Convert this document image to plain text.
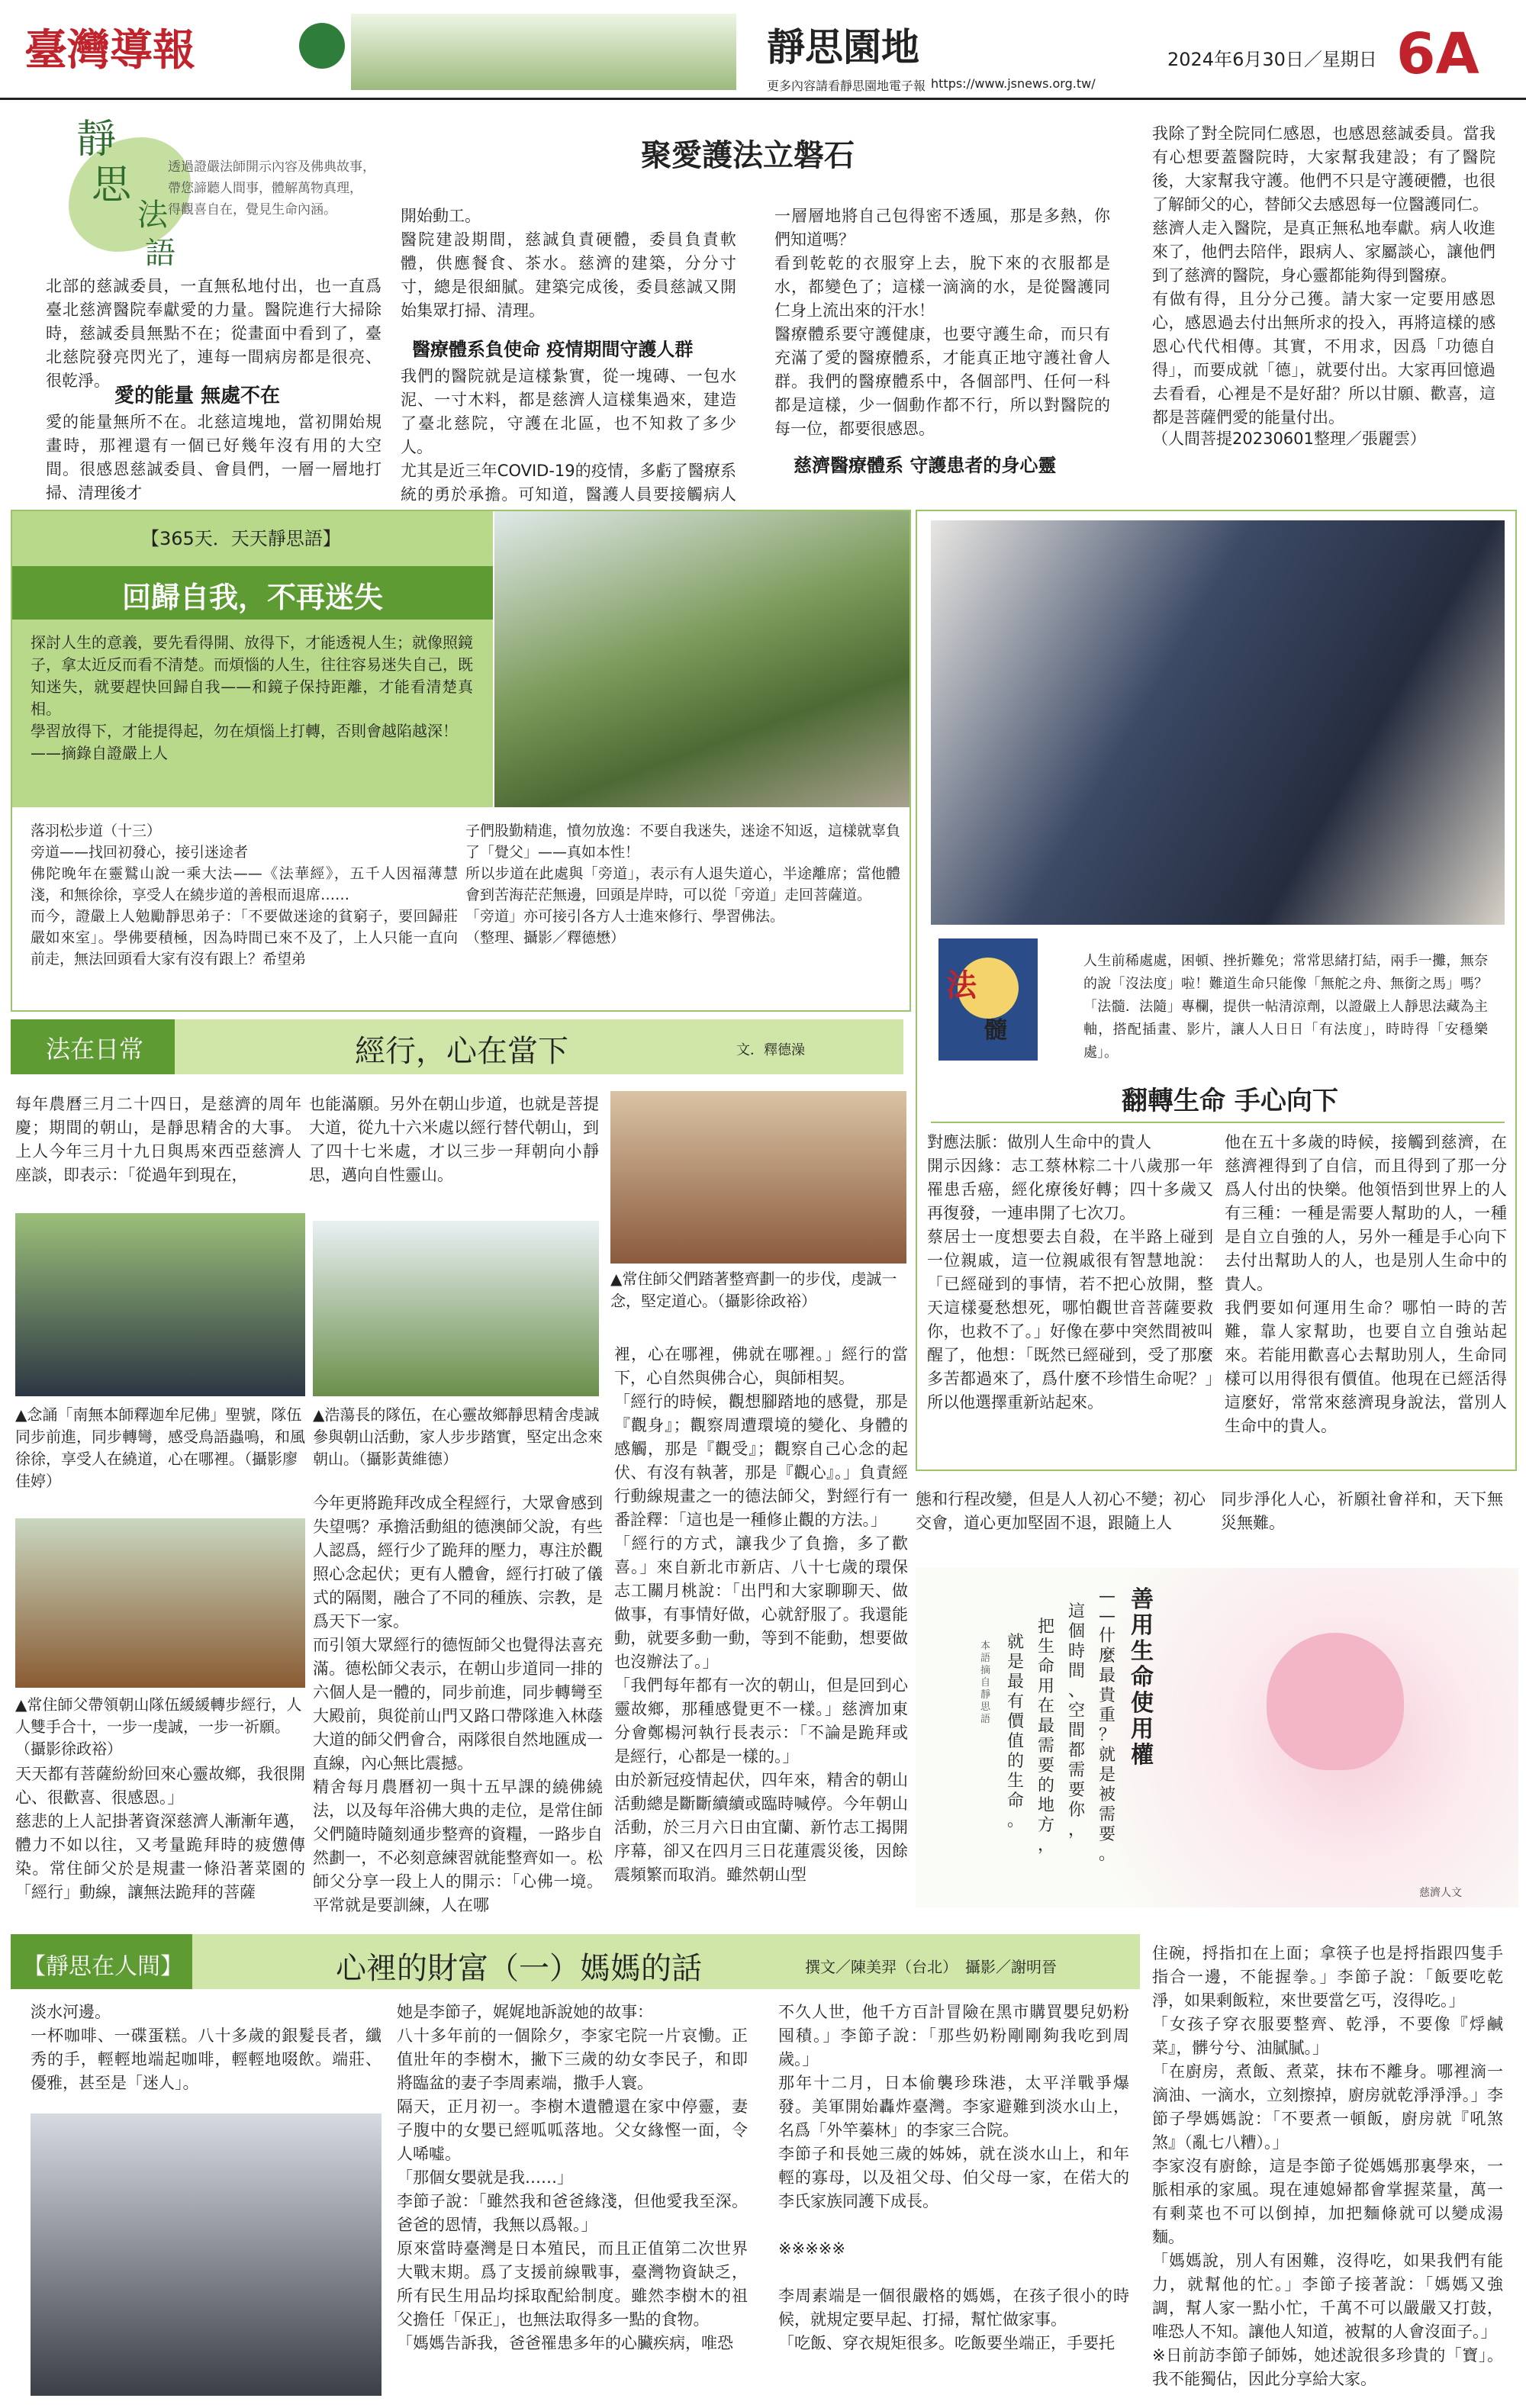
臺灣導報	靜思園地
更多內容請看靜思園地電子報 https://www.jsnews.org.tw/
2024年6月30日／星期日 6A
靜
思
法
語
透過證嚴法師開示內容及佛典故事，
帶您諦聽人間事，體解萬物真理，
得觀喜自在，覺見生命內涵。
聚愛護法立磐石
北部的慈誠委員，一直無私地付出，也一直爲臺北慈濟醫院奉獻愛的力量。醫院進行大掃除時，慈誠委員無點不在；從畫面中看到了，臺北慈院發亮閃光了，連每一間病房都是很亮、很乾淨。
愛的能量 無處不在
愛的能量無所不在。北慈這塊地，當初開始規畫時，那裡還有一個已好幾年沒有用的大空間。很感恩慈誠委員、會員們，一層一層地打掃、清理後才
開始動工。
醫院建設期間，慈誠負責硬體，委員負責軟體，供應餐食、茶水。慈濟的建築，分分寸寸，總是很細膩。建築完成後，委員慈誠又開始集眾打掃、清理。
醫療體系負使命 疫情期間守護人群
我們的醫院就是這樣紮實，從一塊磚、一包水泥、一寸木料，都是慈濟人這樣集過來，建造了臺北慈院，守護在北區，也不知救了多少人。
尤其是近三年COVID-19的疫情，多虧了醫療系統的勇於承擔。可知道，醫護人員要接觸病人
一層層地將自己包得密不透風，那是多熱，你們知道嗎？
看到乾乾的衣服穿上去，脫下來的衣服都是水，都變色了；這樣一滴滴的水，是從醫護同仁身上流出來的汗水！
醫療體系要守護健康，也要守護生命，而只有充滿了愛的醫療體系，才能真正地守護社會人群。我們的醫療體系中，各個部門、任何一科都是這樣，少一個動作都不行，所以對醫院的每一位，都要很感恩。
慈濟醫療體系 守護患者的身心靈
我除了對全院同仁感恩，也感恩慈誠委員。當我有心想要蓋醫院時，大家幫我建設；有了醫院後，大家幫我守護。他們不只是守護硬體，也很了解師父的心，替師父去感恩每一位醫護同仁。
慈濟人走入醫院，是真正無私地奉獻。病人收進來了，他們去陪伴，跟病人、家屬談心，讓他們到了慈濟的醫院，身心靈都能夠得到醫療。
有做有得，且分分己獲。請大家一定要用感恩心，感恩過去付出無所求的投入，再將這樣的感恩心代代相傳。其實，不用求，因爲「功德自得」，而要成就「德」，就要付出。大家再回憶過去看看，心裡是不是好甜？所以甘願、歡喜，這都是菩薩們愛的能量付出。
（人間菩提20230601整理／張麗雲）
【365天．天天靜思語】
回歸自我，不再迷失
探討人生的意義，要先看得開、放得下，才能透視人生；就像照鏡子，拿太近反而看不清楚。而煩惱的人生，往往容易迷失自己，既知迷失，就要趕快回歸自我——和鏡子保持距離，才能看清楚真相。
學習放得下，才能提得起，勿在煩惱上打轉，否則會越陷越深！
——摘錄自證嚴上人
落羽松步道（十三）
旁道——找回初發心，接引迷途者
佛陀晚年在靈鷲山說一乘大法——《法華經》，五千人因福薄慧淺，和無徐徐，享受人在繞步道的善根而退席……
而今，證嚴上人勉勵靜思弟子：「不要做迷途的貧窮子，要回歸莊嚴如來室」。學佛要積極，因為時間已來不及了，上人只能一直向前走，無法回頭看大家有沒有跟上？希望弟
子們股勤精進，憤勿放逸：不要自我迷失，迷途不知返，這樣就辜負了「覺父」——真如本性！
所以步道在此處與「旁道」，表示有人退失道心，半途離席；當他體會到苦海茫茫無邊，回頭是岸時，可以從「旁道」走回菩薩道。
「旁道」亦可接引各方人士進來修行、學習佛法。
（整理、攝影／釋德懋）
法在日常	經行，心在當下	文．釋德澡
每年農曆三月二十四日，是慈濟的周年慶；期間的朝山，是靜思精舍的大事。上人今年三月十九日與馬來西亞慈濟人座談，即表示：「從過年到現在，
也能滿願。另外在朝山步道，也就是菩提大道，從九十六米處以經行替代朝山，到了四十七米處，才以三步一拜朝向小靜思，邁向自性靈山。
▲常住師父們踏著整齊劃一的步伐，虔誠一念，堅定道心。（攝影徐政裕）
▲念誦「南無本師釋迦牟尼佛」聖號，隊伍同步前進，同步轉彎，感受鳥語蟲鳴，和風徐徐，享受人在繞道，心在哪裡。（攝影廖佳婷）
▲浩蕩長的隊伍，在心靈故鄉靜思精舍虔誠參與朝山活動，家人步步踏實，堅定出念來朝山。（攝影黃維德）
▲常住師父帶領朝山隊伍緩緩轉步經行，人人雙手合十，一步一虔誠，一步一祈願。（攝影徐政裕）
天天都有菩薩紛紛回來心靈故鄉，我很開心、很歡喜、很感恩。」
慈悲的上人記掛著資深慈濟人漸漸年邁，體力不如以往，又考量跪拜時的疲憊傳染。常住師父於是規畫一條沿著菜園的「經行」動線，讓無法跪拜的菩薩
今年更將跪拜改成全程經行，大眾會感到失望嗎？承擔活動組的德澳師父說，有些人認爲，經行少了跪拜的壓力，專注於觀照心念起伏；更有人體會，經行打破了儀式的隔閡，融合了不同的種族、宗教，是爲天下一家。
而引領大眾經行的德恆師父也覺得法喜充滿。德松師父表示，在朝山步道同一排的六個人是一體的，同步前進，同步轉彎至大殿前，與從前山門又路口帶隊進入林蔭大道的師父們會合，兩隊很自然地匯成一直線，內心無比震撼。
精舍每月農曆初一與十五早課的繞佛繞法，以及每年浴佛大典的走位，是常住師父們隨時隨刻通步整齊的資糧，一路步自然劃一，不必刻意練習就能整齊如一。松師父分享一段上人的開示：「心佛一境。平常就是要訓練，人在哪
裡，心在哪裡，佛就在哪裡。」經行的當下，心自然與佛合心，與師相契。
「經行的時候，觀想腳踏地的感覺，那是『觀身』；觀察周遭環境的變化、身體的感觸，那是『觀受』；觀察自己心念的起伏、有沒有執著，那是『觀心』。」負責經行動線規畫之一的德法師父，對經行有一番詮釋：「這也是一種修止觀的方法。」
「經行的方式，讓我少了負擔，多了歡喜。」來自新北市新店、八十七歲的環保志工關月桃說：「出門和大家聊聊天、做做事，有事情好做，心就舒服了。我還能動，就要多動一動，等到不能動，想要做也沒辦法了。」
「我們每年都有一次的朝山，但是回到心靈故鄉，那種感覺更不一樣。」慈濟加東分會鄭楊河執行長表示：「不論是跪拜或是經行，心都是一樣的。」
由於新冠疫情起伏，四年來，精舍的朝山活動總是斷斷續續或臨時喊停。今年朝山活動，於三月六日由宜蘭、新竹志工揭開序幕，卻又在四月三日花蓮震災後，因餘震頻繁而取消。雖然朝山型
態和行程改變，但是人人初心不變；初心交會，道心更加堅固不退，跟隨上人
同步淨化人心，祈願社會祥和，天下無災無難。
法
髓
人生前稀處處，困頓、挫折難免；常常思緒打結，兩手一攤，無奈的說「沒法度」啦！難道生命只能像「無舵之舟、無銜之馬」嗎？「法髓．法隨」專欄，提供一帖清涼劑，以證嚴上人靜思法藏為主軸，搭配插畫、影片，讓人人日日「有法度」，時時得「安穩樂處」。
翻轉生命 手心向下
對應法脈：做別人生命中的貴人
開示因緣：志工蔡林粽二十八歲那一年罹患舌癌，經化療後好轉；四十多歲又再復發，一連串開了七次刀。
蔡居士一度想要去自殺，在半路上碰到一位親戚，這一位親戚很有智慧地說：「已經碰到的事情，若不把心放開，整天這樣憂愁想死，哪怕觀世音菩薩要救你，也救不了。」好像在夢中突然間被叫醒了，他想：「既然已經碰到，受了那麼多苦都過來了，爲什麼不珍惜生命呢？」所以他選擇重新站起來。
他在五十多歲的時候，接觸到慈濟，在慈濟裡得到了自信，而且得到了那一分爲人付出的快樂。他領悟到世界上的人有三種：一種是需要人幫助的人，一種是自立自強的人，另外一種是手心向下去付出幫助人的人，也是別人生命中的貴人。
我們要如何運用生命？哪怕一時的苦難，靠人家幫助，也要自立自強站起來。若能用歡喜心去幫助別人，生命同樣可以用得很有價值。他現在已經活得這麼好，常常來慈濟現身說法，當別人生命中的貴人。
善用生命使用權
——什麼最貴重？就是被需要。
這個時間、空間都需要你，
把生命用在最需要的地方，
就是最有價值的生命。
本語摘自靜思語
慈濟人文
【靜思在人間】	心裡的財富（一）媽媽的話	撰文／陳美羿（台北）　攝影／謝明晉
淡水河邊。
一杯咖啡、一碟蛋糕。八十多歲的銀髮長者，纖秀的手，輕輕地端起咖啡，輕輕地啜飲。端莊、優雅，甚至是「迷人」。
她是李節子，娓娓地訴說她的故事：
八十多年前的一個除夕，李家宅院一片哀慟。正值壯年的李樹木，撇下三歲的幼女李民子，和即將臨盆的妻子李周素端，撒手人寰。
隔天，正月初一。李樹木遺體還在家中停靈，妻子腹中的女嬰已經呱呱落地。父女緣慳一面，令人唏噓。
「那個女嬰就是我……」
李節子說：「雖然我和爸爸緣淺，但他愛我至深。爸爸的恩情，我無以爲報。」
原來當時臺灣是日本殖民，而且正值第二次世界大戰末期。爲了支援前線戰事，臺灣物資缺乏，所有民生用品均採取配給制度。雖然李樹木的祖父擔任「保正」，也無法取得多一點的食物。
「媽媽告訴我，爸爸罹患多年的心臟疾病，唯恐
不久人世，他千方百計冒險在黑市購買嬰兒奶粉囤積。」李節子說：「那些奶粉剛剛夠我吃到周歲。」
那年十二月，日本偷襲珍珠港，太平洋戰爭爆發。美軍開始轟炸臺灣。李家避難到淡水山上，名爲「外竿蓁林」的李家三合院。
李節子和長她三歲的姊姊，就在淡水山上，和年輕的寡母，以及祖父母、伯父母一家，在偌大的李氏家族同護下成長。

※※※※※

李周素端是一個很嚴格的媽媽，在孩子很小的時候，就規定要早起、打掃，幫忙做家事。
「吃飯、穿衣規矩很多。吃飯要坐端正，手要托
住碗，捋指扣在上面；拿筷子也是捋指跟四隻手指合一邊，不能握拳。」李節子說：「飯要吃乾淨，如果剩飯粒，來世要當乞丐，沒得吃。」
「女孩子穿衣服要整齊、乾淨，不要像『烰鹹菜』，髒兮兮、油膩膩。」
「在廚房，煮飯、煮菜，抹布不離身。哪裡滴一滴油、一滴水，立刻擦掉，廚房就乾淨淨淨。」李節子學媽媽說：「不要煮一頓飯，廚房就『吼煞煞』（亂七八糟）。」
李家沒有廚餘，這是李節子從媽媽那裏學來，一脈相承的家風。現在連媳婦都會掌握菜量，萬一有剩菜也不可以倒掉，加把麵條就可以變成湯麵。
「媽媽說，別人有困難，沒得吃，如果我們有能力，就幫他的忙。」李節子接著說：「媽媽又強調，幫人家一點小忙，千萬不可以嚴嚴又打鼓，唯恐人不知。讓他人知道，被幫的人會沒面子。」
※日前訪李節子師姊，她述說很多珍貴的「寶」。我不能獨佔，因此分享給大家。
